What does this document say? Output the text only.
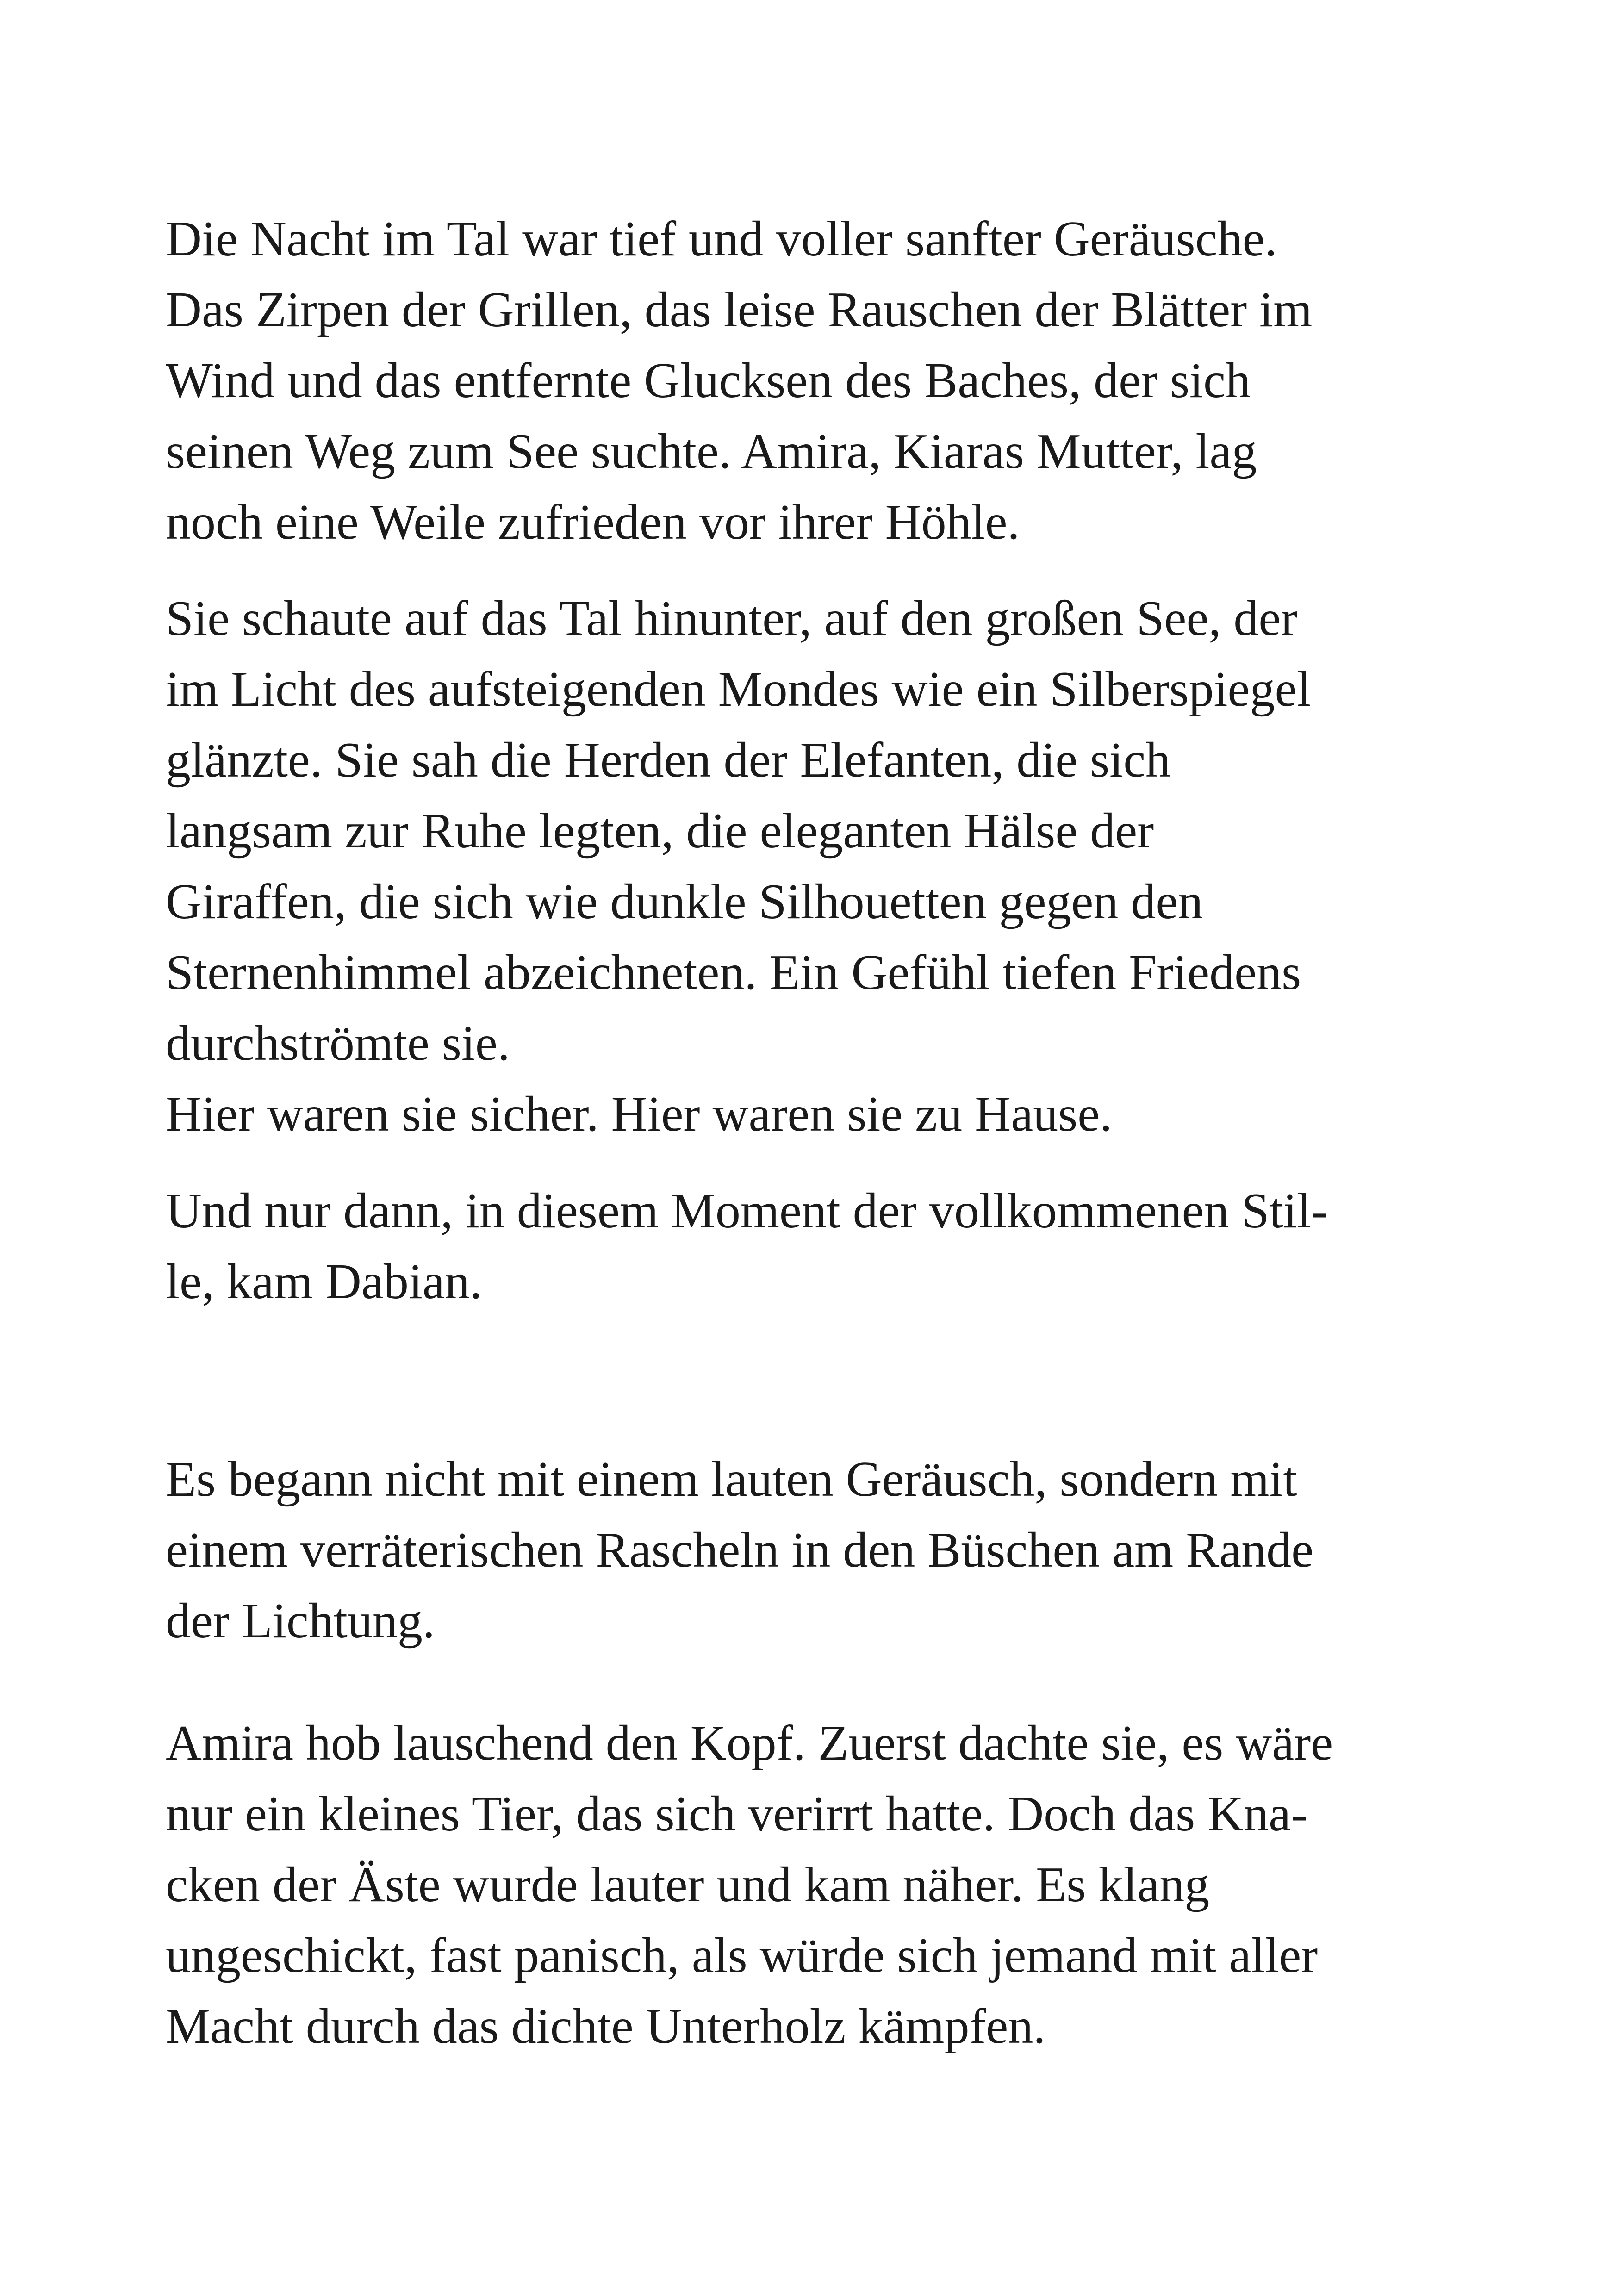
Die Nacht im Tal war tief und voller sanfter Geräusche.
Das Zirpen der Grillen, das leise Rauschen der Blätter im
Wind und das entfernte Glucksen des Baches, der sich
seinen Weg zum See suchte. Amira, Kiaras Mutter, lag
noch eine Weile zufrieden vor ihrer Höhle.

Sie schaute auf das Tal hinunter, auf den großen See, der
im Licht des aufsteigenden Mondes wie ein Silberspiegel
glänzte. Sie sah die Herden der Elefanten, die sich
langsam zur Ruhe legten, die eleganten Hälse der
Giraffen, die sich wie dunkle Silhouetten gegen den
Sternenhimmel abzeichneten. Ein Gefühl tiefen Friedens
durchströmte sie.
Hier waren sie sicher. Hier waren sie zu Hause.

Und nur dann, in diesem Moment der vollkommenen Stil-
le, kam Dabian.

Es begann nicht mit einem lauten Geräusch, sondern mit
einem verräterischen Rascheln in den Büschen am Rande
der Lichtung.

Amira hob lauschend den Kopf. Zuerst dachte sie, es wäre
nur ein kleines Tier, das sich verirrt hatte. Doch das Kna-
cken der Äste wurde lauter und kam näher. Es klang
ungeschickt, fast panisch, als würde sich jemand mit aller
Macht durch das dichte Unterholz kämpfen.
